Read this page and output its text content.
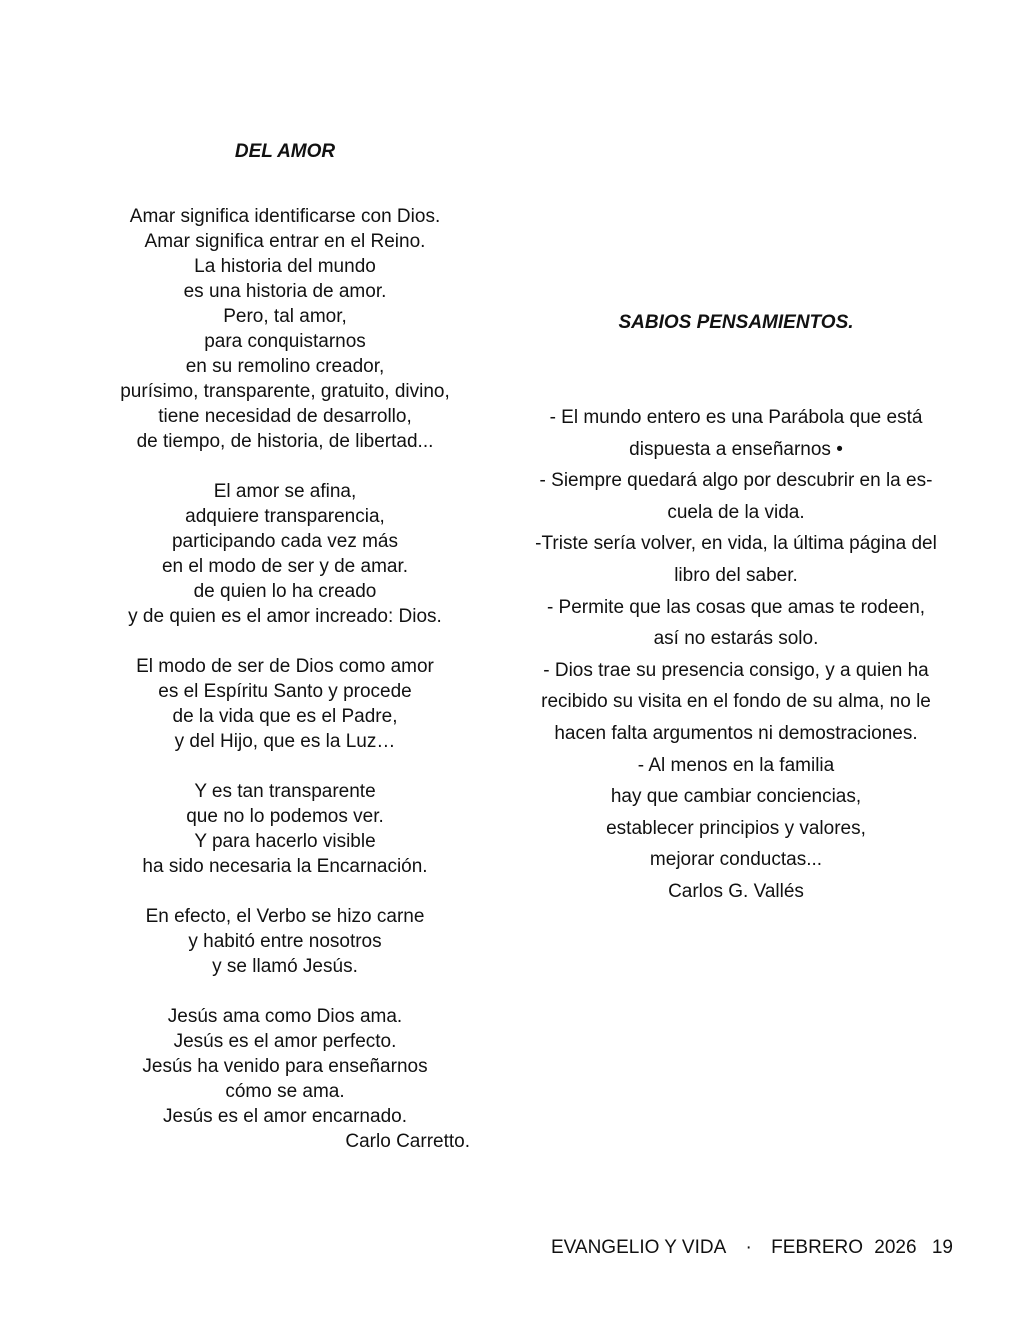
DEL AMOR

Amar significa identificarse con Dios.
Amar significa entrar en el Reino.
La historia del mundo
es una historia de amor.
Pero, tal amor,
para conquistarnos
en su remolino creador,
purísimo, transparente, gratuito, divino,
tiene necesidad de desarrollo,
de tiempo, de historia, de libertad...

El amor se afina,
adquiere transparencia,
participando cada vez más
en el modo de ser y de amar.
de quien lo ha creado
y de quien es el amor increado: Dios.

El modo de ser de Dios como amor
es el Espíritu Santo y procede
de la vida que es el Padre,
y del Hijo, que es la Luz…

Y es tan transparente
que no lo podemos ver.
Y para hacerlo visible
ha sido necesaria la Encarnación.

En efecto, el Verbo se hizo carne
y habitó entre nosotros
y se llamó Jesús.

Jesús ama como Dios ama.
Jesús es el amor perfecto.
Jesús ha venido para enseñarnos
cómo se ama.
Jesús es el amor encarnado.

Carlo Carretto.
SABIOS PENSAMIENTOS.
- El mundo entero es una Parábola que está
dispuesta a enseñarnos •
- Siempre quedará algo por descubrir en la es-
cuela de la vida.
-Triste sería volver, en vida, la última página del
libro del saber.
- Permite que las cosas que amas te rodeen,
así no estarás solo.
- Dios trae su presencia consigo, y a quien ha
recibido su visita en el fondo de su alma, no le
hacen falta argumentos ni demostraciones.
- Al menos en la familia
hay que cambiar conciencias,
establecer principios y valores,
mejorar conductas...
Carlos G. Vallés
EVANGELIO Y VIDA · FEBRERO 2026 19
